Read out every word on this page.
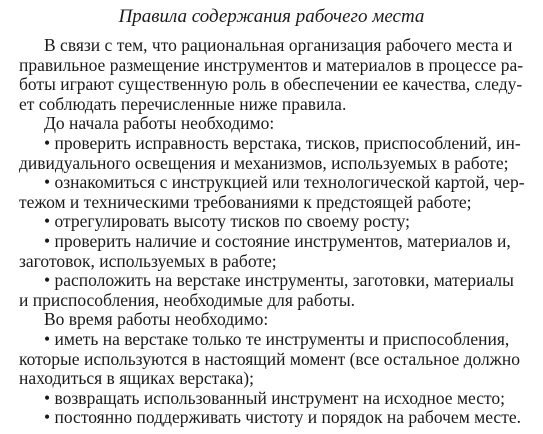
Правила содержания рабочего места
В связи с тем, что рациональная организация рабочего места и
правильное размещение инструментов и материалов в процессе ра-
боты играют существенную роль в обеспечении ее качества, следу-
ет соблюдать перечисленные ниже правила.
До начала работы необходимо:
• проверить исправность верстака, тисков, приспособлений, ин-
дивидуального освещения и механизмов, используемых в работе;
• ознакомиться с инструкцией или технологической картой, чер-
тежом и техническими требованиями к предстоящей работе;
• отрегулировать высоту тисков по своему росту;
• проверить наличие и состояние инструментов, материалов и,
заготовок, используемых в работе;
• расположить на верстаке инструменты, заготовки, материалы
и приспособления, необходимые для работы.
Во время работы необходимо:
• иметь на верстаке только те инструменты и приспособления,
которые используются в настоящий момент (все остальное должно
находиться в ящиках верстака);
• возвращать использованный инструмент на исходное место;
• постоянно поддерживать чистоту и порядок на рабочем месте.
